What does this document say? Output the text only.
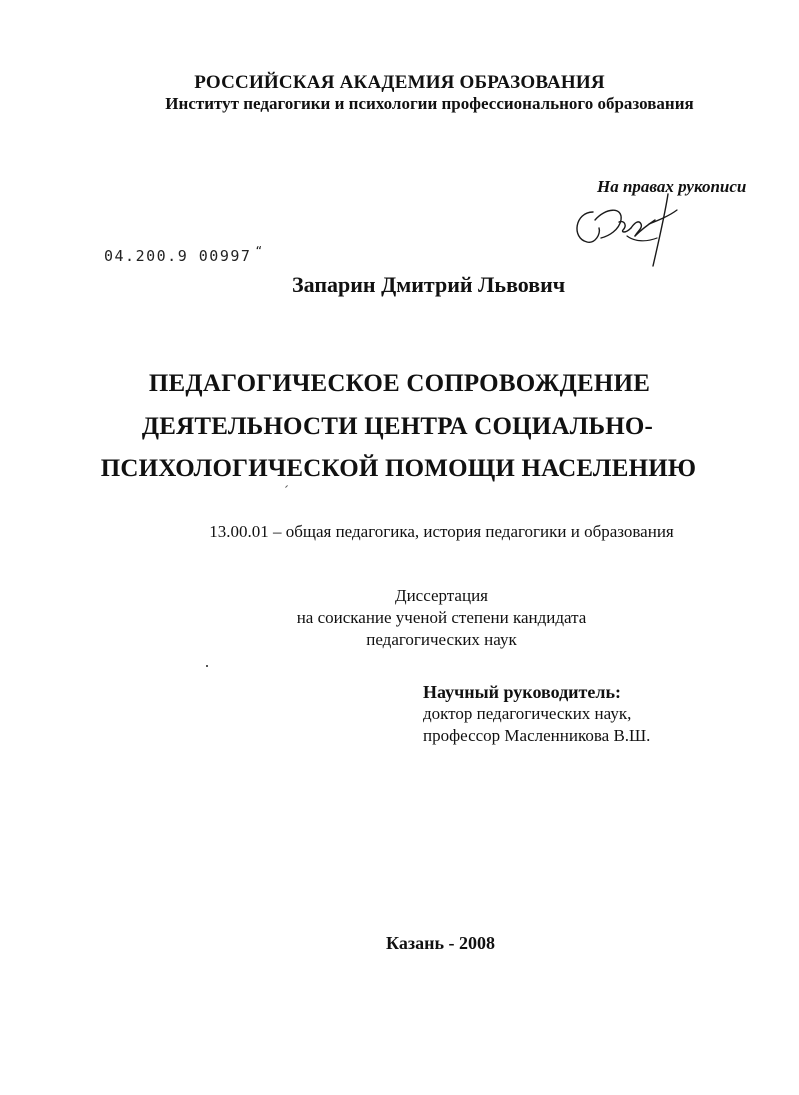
РОССИЙСКАЯ АКАДЕМИЯ ОБРАЗОВАНИЯ
Институт педагогики и психологии профессионального образования
На правах рукописи
04.200.9 00997 “
Запарин Дмитрий Львович
ПЕДАГОГИЧЕСКОЕ СОПРОВОЖДЕНИЕ
ДЕЯТЕЛЬНОСТИ ЦЕНТРА СОЦИАЛЬНО-
ПСИХОЛОГИЧЕСКОЙ ПОМОЩИ НАСЕЛЕНИЮ
13.00.01 – общая педагогика, история педагогики и образования
Диссертация
на соискание ученой степени кандидата
педагогических наук
Научный руководитель:
доктор педагогических наук,
профессор Масленникова В.Ш.
Казань - 2008
